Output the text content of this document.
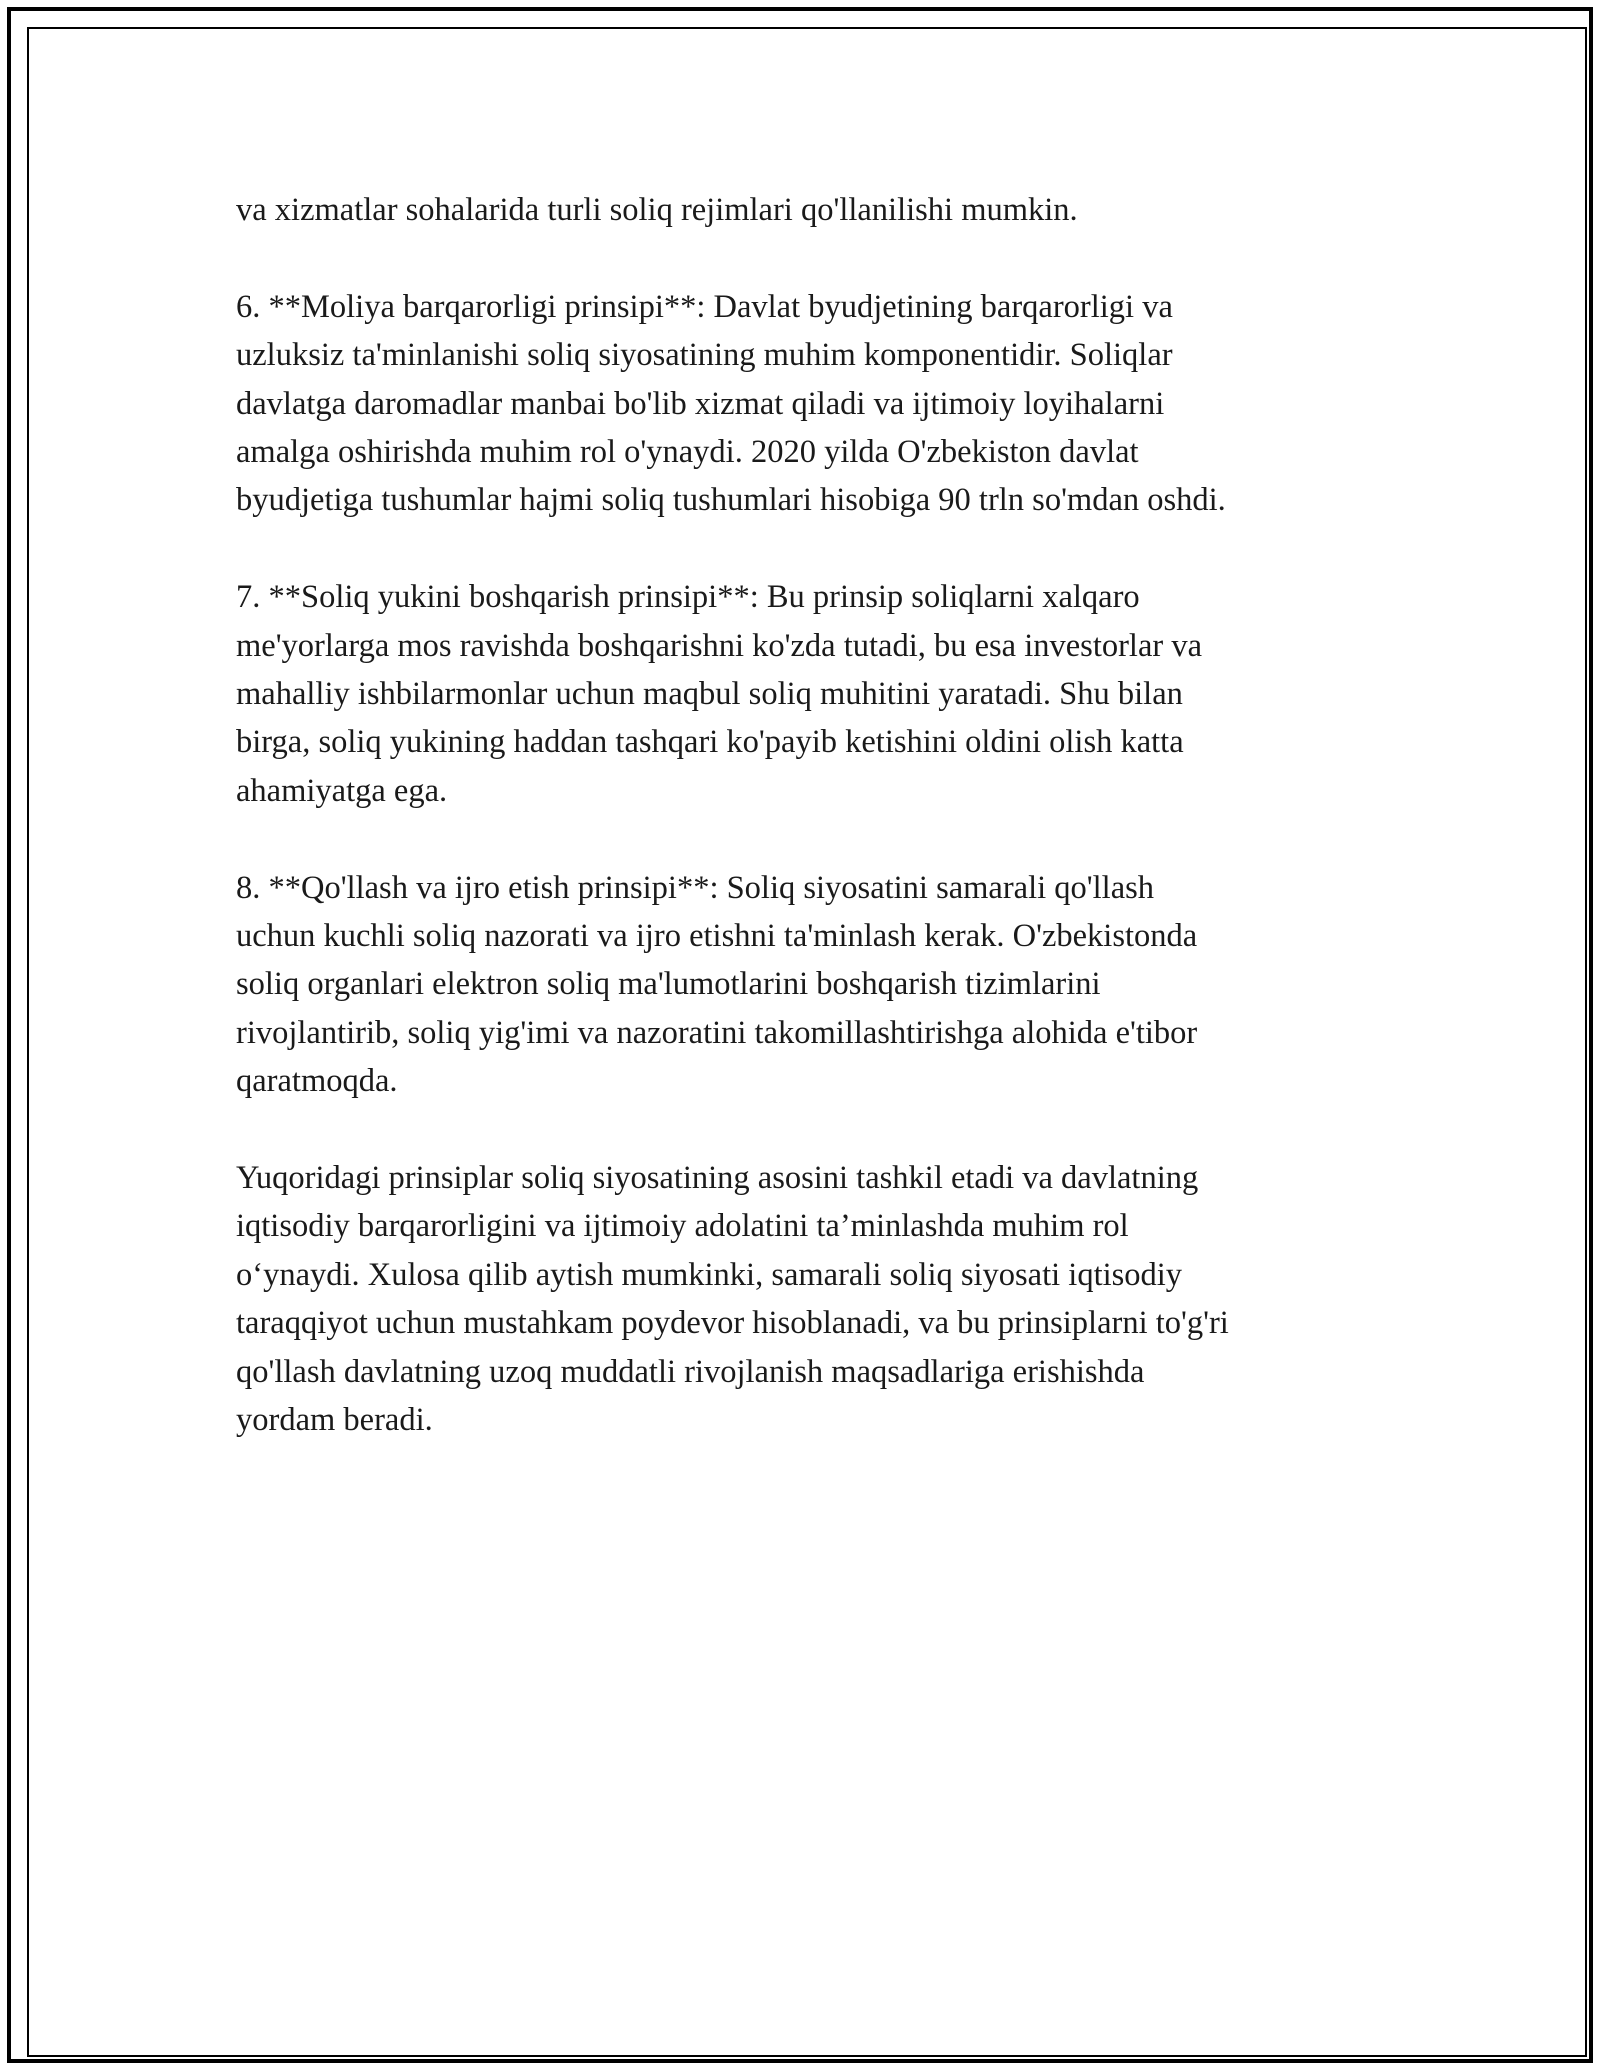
va xizmatlar sohalarida turli soliq rejimlari qo'llanilishi mumkin.

6. **Moliya barqarorligi prinsipi**: Davlat byudjetining barqarorligi va
uzluksiz ta'minlanishi soliq siyosatining muhim komponentidir. Soliqlar
davlatga daromadlar manbai bo'lib xizmat qiladi va ijtimoiy loyihalarni
amalga oshirishda muhim rol o'ynaydi. 2020 yilda O'zbekiston davlat
byudjetiga tushumlar hajmi soliq tushumlari hisobiga 90 trln so'mdan oshdi.

7. **Soliq yukini boshqarish prinsipi**: Bu prinsip soliqlarni xalqaro
me'yorlarga mos ravishda boshqarishni ko'zda tutadi, bu esa investorlar va
mahalliy ishbilarmonlar uchun maqbul soliq muhitini yaratadi. Shu bilan
birga, soliq yukining haddan tashqari ko'payib ketishini oldini olish katta
ahamiyatga ega.

8. **Qo'llash va ijro etish prinsipi**: Soliq siyosatini samarali qo'llash
uchun kuchli soliq nazorati va ijro etishni ta'minlash kerak. O'zbekistonda
soliq organlari elektron soliq ma'lumotlarini boshqarish tizimlarini
rivojlantirib, soliq yig'imi va nazoratini takomillashtirishga alohida e'tibor
qaratmoqda.

Yuqoridagi prinsiplar soliq siyosatining asosini tashkil etadi va davlatning
iqtisodiy barqarorligini va ijtimoiy adolatini ta’minlashda muhim rol
o‘ynaydi. Xulosa qilib aytish mumkinki, samarali soliq siyosati iqtisodiy
taraqqiyot uchun mustahkam poydevor hisoblanadi, va bu prinsiplarni to'g'ri
qo'llash davlatning uzoq muddatli rivojlanish maqsadlariga erishishda
yordam beradi.
